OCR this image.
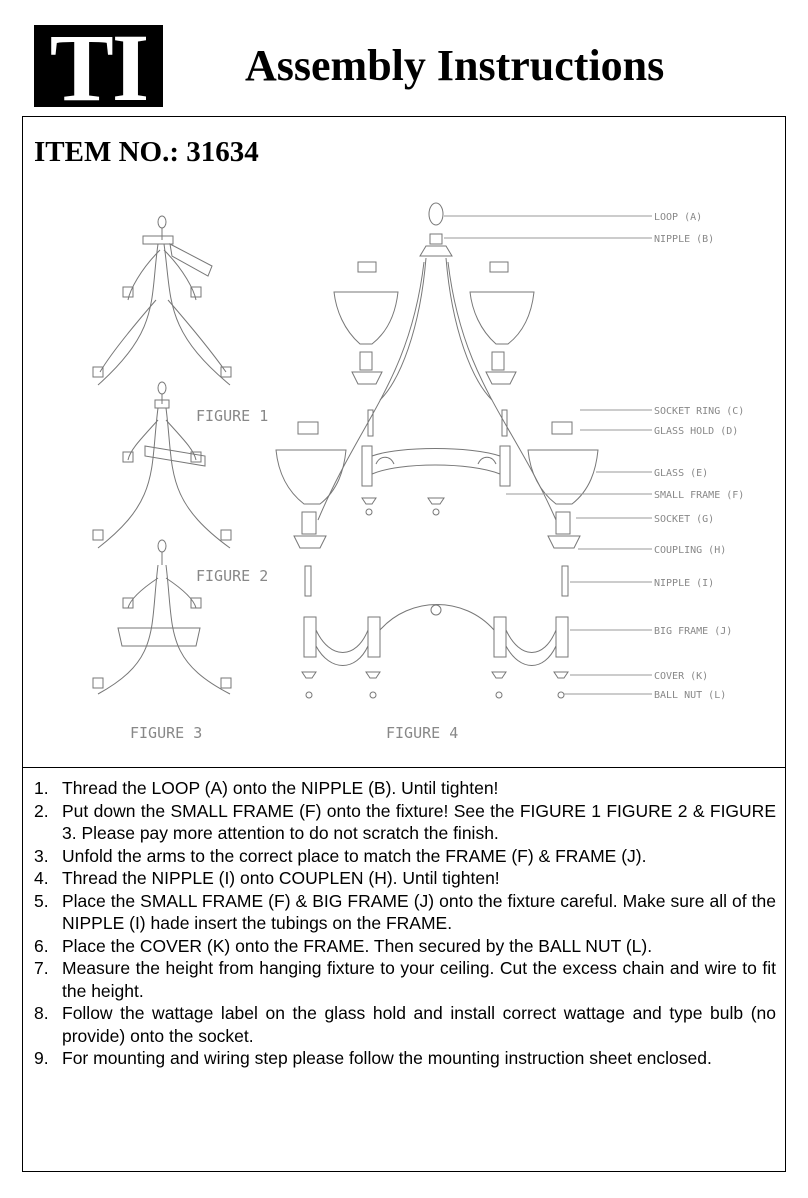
TI	Assembly Instructions
ITEM NO.: 31634
FIGURE 1
FIGURE 2
FIGURE 3	FIGURE 4
LOOP (A)
NIPPLE (B)
SOCKET RING (C)
GLASS HOLD (D)
GLASS (E)
SMALL FRAME (F)
SOCKET (G)
COUPLING (H)
NIPPLE (I)
BIG FRAME (J)
COVER (K)
BALL NUT (L)
1. Thread the LOOP (A) onto the NIPPLE (B). Until tighten!
2. Put down the SMALL FRAME (F) onto the fixture! See the FIGURE 1 FIGURE 2 & FIGURE 3. Please pay more attention to do not scratch the finish.
3. Unfold the arms to the correct place to match the FRAME (F) & FRAME (J).
4. Thread the NIPPLE (I) onto COUPLEN (H). Until tighten!
5. Place the SMALL FRAME (F) & BIG FRAME (J) onto the fixture careful. Make sure all of the NIPPLE (I) hade insert the tubings on the FRAME.
6. Place the COVER (K) onto the FRAME. Then secured by the BALL NUT (L).
7. Measure the height from hanging fixture to your ceiling. Cut the excess chain and wire to fit the height.
8. Follow the wattage label on the glass hold and install correct wattage and type bulb (no provide) onto the socket.
9. For mounting and wiring step please follow the mounting instruction sheet enclosed.
